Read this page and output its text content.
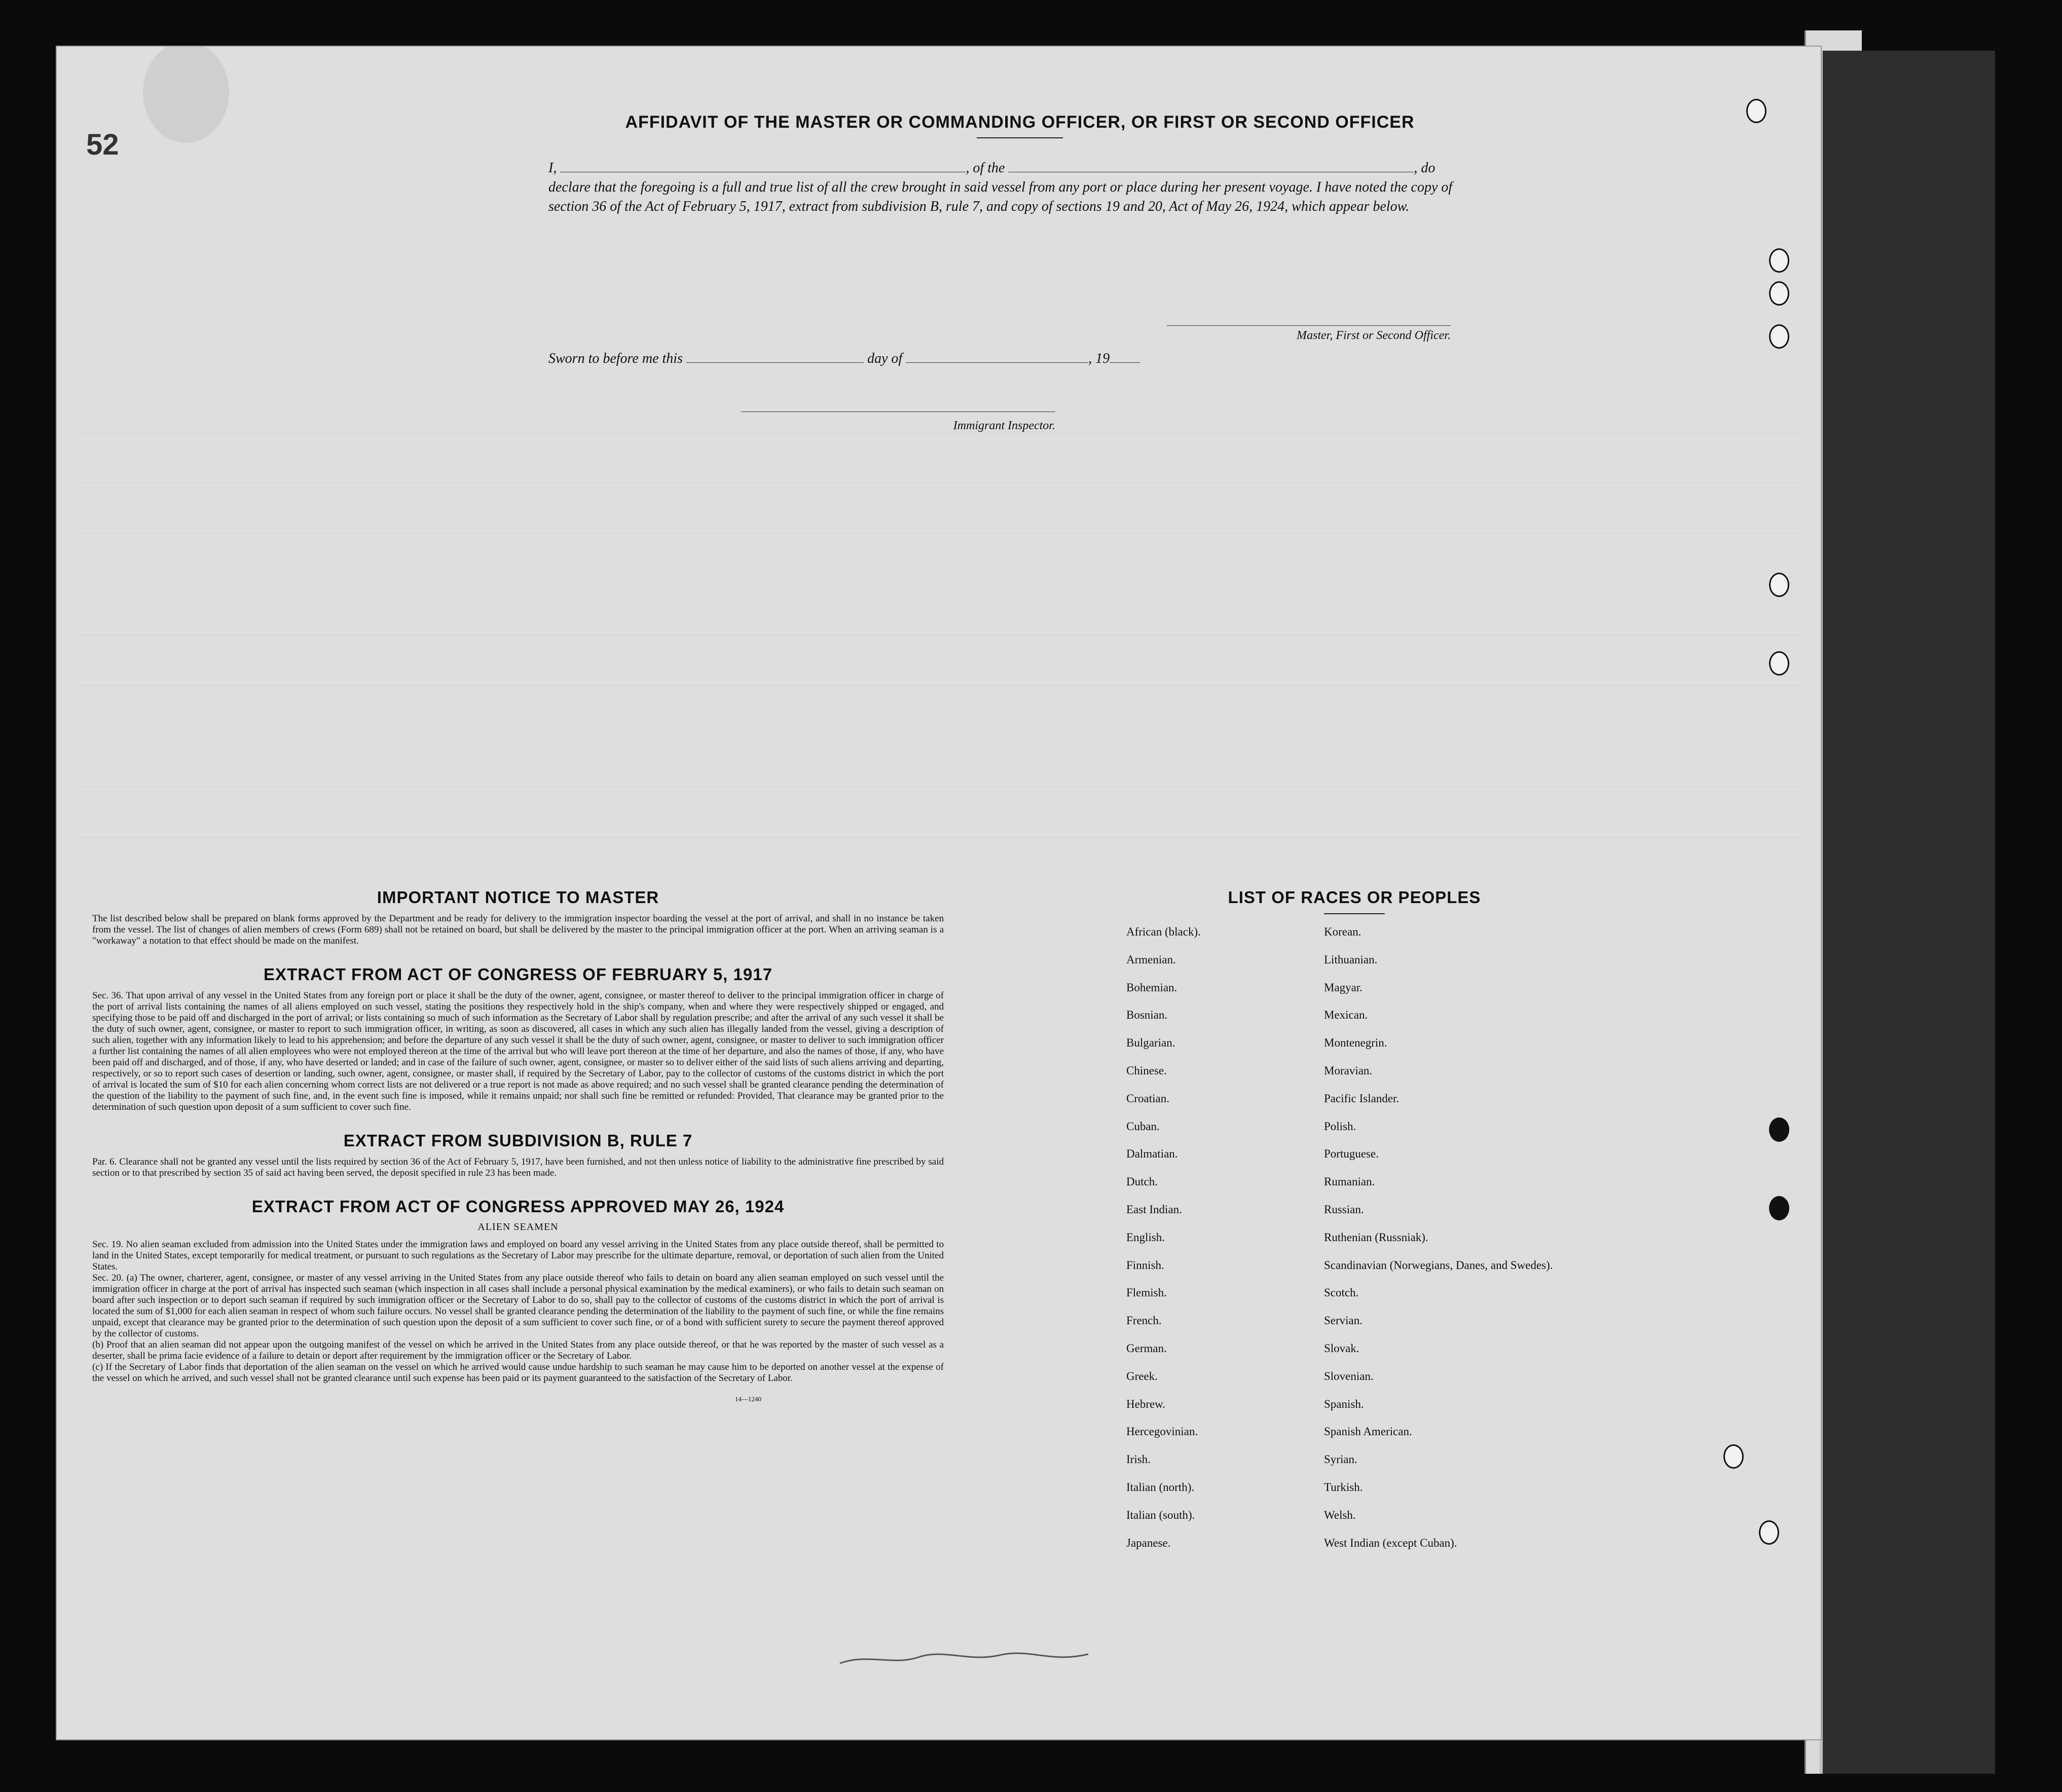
52
AFFIDAVIT OF THE MASTER OR COMMANDING OFFICER, OR FIRST OR SECOND OFFICER
I,	, of the	, do declare that the foregoing is a full and true list of all the crew brought in said vessel from any port or place during her present voyage. I have noted the copy of section 36 of the Act of February 5, 1917, extract from subdivision B, rule 7, and copy of sections 19 and 20, Act of May 26, 1924, which appear below.
Master, First or Second Officer.
Sworn to before me this	day of	, 19
Immigrant Inspector.
IMPORTANT NOTICE TO MASTER

The list described below shall be prepared on blank forms approved by the Department and be ready for delivery to the immigration inspector boarding the vessel at the port of arrival, and shall in no instance be taken from the vessel. The list of changes of alien members of crews (Form 689) shall not be retained on board, but shall be delivered by the master to the principal immigration officer at the port. When an arriving seaman is a "workaway" a notation to that effect should be made on the manifest.

EXTRACT FROM ACT OF CONGRESS OF FEBRUARY 5, 1917

Sec. 36. That upon arrival of any vessel in the United States from any foreign port or place it shall be the duty of the owner, agent, consignee, or master thereof to deliver to the principal immigration officer in charge of the port of arrival lists containing the names of all aliens employed on such vessel, stating the positions they respectively hold in the ship's company, when and where they were respectively shipped or engaged, and specifying those to be paid off and discharged in the port of arrival; or lists containing so much of such information as the Secretary of Labor shall by regulation prescribe; and after the arrival of any such vessel it shall be the duty of such owner, agent, consignee, or master to report to such immigration officer, in writing, as soon as discovered, all cases in which any such alien has illegally landed from the vessel, giving a description of such alien, together with any information likely to lead to his apprehension; and before the departure of any such vessel it shall be the duty of such owner, agent, consignee, or master to deliver to such immigration officer a further list containing the names of all alien employees who were not employed thereon at the time of the arrival but who will leave port thereon at the time of her departure, and also the names of those, if any, who have been paid off and discharged, and of those, if any, who have deserted or landed; and in case of the failure of such owner, agent, consignee, or master so to deliver either of the said lists of such aliens arriving and departing, respectively, or so to report such cases of desertion or landing, such owner, agent, consignee, or master shall, if required by the Secretary of Labor, pay to the collector of customs of the customs district in which the port of arrival is located the sum of $10 for each alien concerning whom correct lists are not delivered or a true report is not made as above required; and no such vessel shall be granted clearance pending the determination of the question of the liability to the payment of such fine, and, in the event such fine is imposed, while it remains unpaid; nor shall such fine be remitted or refunded: Provided, That clearance may be granted prior to the determination of such question upon deposit of a sum sufficient to cover such fine.

EXTRACT FROM SUBDIVISION B, RULE 7

Par. 6. Clearance shall not be granted any vessel until the lists required by section 36 of the Act of February 5, 1917, have been furnished, and not then unless notice of liability to the administrative fine prescribed by said section or to that prescribed by section 35 of said act having been served, the deposit specified in rule 23 has been made.

EXTRACT FROM ACT OF CONGRESS APPROVED MAY 26, 1924
ALIEN SEAMEN

Sec. 19. No alien seaman excluded from admission into the United States under the immigration laws and employed on board any vessel arriving in the United States from any place outside thereof, shall be permitted to land in the United States, except temporarily for medical treatment, or pursuant to such regulations as the Secretary of Labor may prescribe for the ultimate departure, removal, or deportation of such alien from the United States.

Sec. 20. (a) The owner, charterer, agent, consignee, or master of any vessel arriving in the United States from any place outside thereof who fails to detain on board any alien seaman employed on such vessel until the immigration officer in charge at the port of arrival has inspected such seaman (which inspection in all cases shall include a personal physical examination by the medical examiners), or who fails to detain such seaman on board after such inspection or to deport such seaman if required by such immigration officer or the Secretary of Labor to do so, shall pay to the collector of customs of the customs district in which the port of arrival is located the sum of $1,000 for each alien seaman in respect of whom such failure occurs. No vessel shall be granted clearance pending the determination of the liability to the payment of such fine, or while the fine remains unpaid, except that clearance may be granted prior to the determination of such question upon the deposit of a sum sufficient to cover such fine, or of a bond with sufficient surety to secure the payment thereof approved by the collector of customs.

(b) Proof that an alien seaman did not appear upon the outgoing manifest of the vessel on which he arrived in the United States from any place outside thereof, or that he was reported by the master of such vessel as a deserter, shall be prima facie evidence of a failure to detain or deport after requirement by the immigration officer or the Secretary of Labor.

(c) If the Secretary of Labor finds that deportation of the alien seaman on the vessel on which he arrived would cause undue hardship to such seaman he may cause him to be deported on another vessel at the expense of the vessel on which he arrived, and such vessel shall not be granted clearance until such expense has been paid or its payment guaranteed to the satisfaction of the Secretary of Labor.

14—1240
LIST OF RACES OR PEOPLES
African (black).	Korean.
Armenian.	Lithuanian.
Bohemian.	Magyar.
Bosnian.	Mexican.
Bulgarian.	Montenegrin.
Chinese.	Moravian.
Croatian.	Pacific Islander.
Cuban.	Polish.
Dalmatian.	Portuguese.
Dutch.	Rumanian.
East Indian.	Russian.
English.	Ruthenian (Russniak).
Finnish.	Scandinavian (Norwegians, Danes, and Swedes).
Flemish.	Scotch.
French.	Servian.
German.	Slovak.
Greek.	Slovenian.
Hebrew.	Spanish.
Hercegovinian.	Spanish American.
Irish.	Syrian.
Italian (north).	Turkish.
Italian (south).	Welsh.
Japanese.	West Indian (except Cuban).
